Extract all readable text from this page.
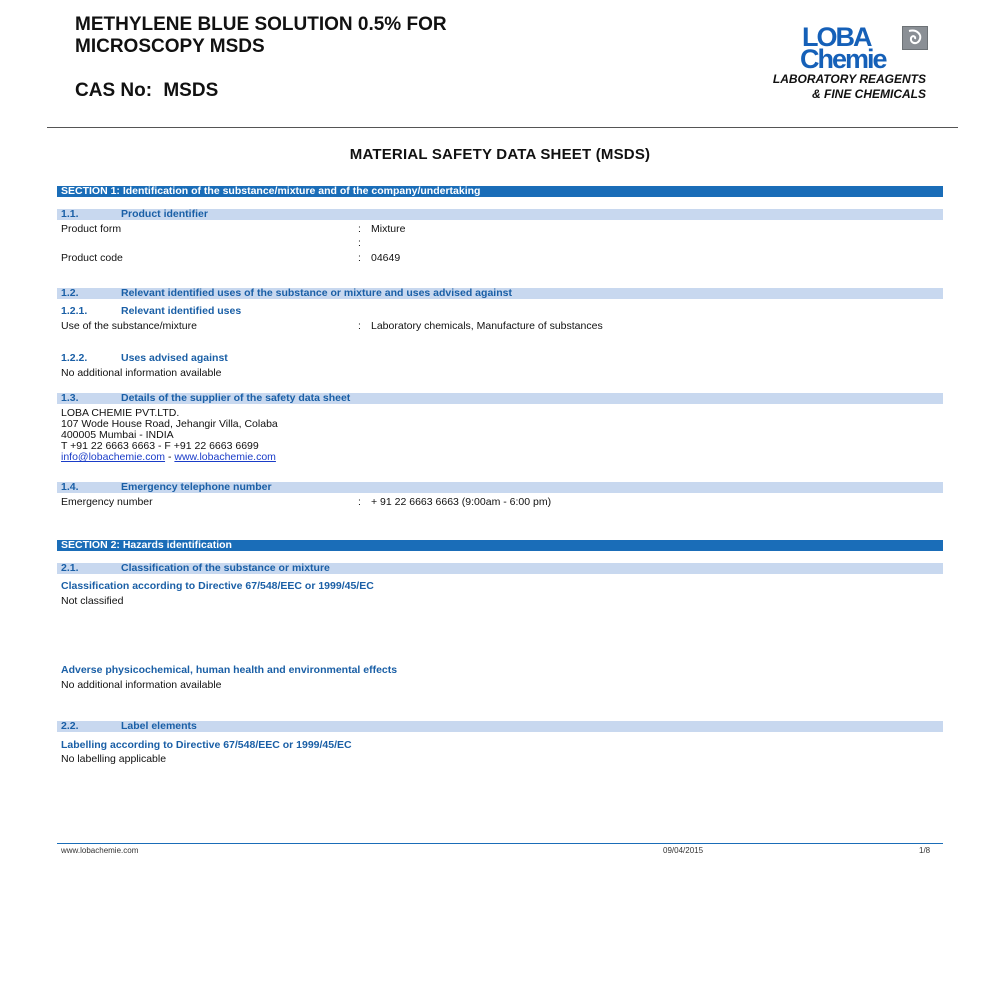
METHYLENE BLUE SOLUTION 0.5% FOR
MICROSCOPY MSDS
CAS No: MSDS
LOBA
Chemie
LABORATORY REAGENTS
& FINE CHEMICALS
MATERIAL SAFETY DATA SHEET (MSDS)
SECTION 1: Identification of the substance/mixture and of the company/undertaking
1.1.	Product identifier
Product form	: Mixture
:
Product code	: 04649
1.2.	Relevant identified uses of the substance or mixture and uses advised against
1.2.1.	Relevant identified uses
Use of the substance/mixture	: Laboratory chemicals, Manufacture of substances
1.2.2.	Uses advised against
No additional information available
1.3.	Details of the supplier of the safety data sheet
LOBA CHEMIE PVT.LTD.
107 Wode House Road, Jehangir Villa, Colaba
400005 Mumbai - INDIA
T +91 22 6663 6663 - F +91 22 6663 6699
info@lobachemie.com - www.lobachemie.com
1.4.	Emergency telephone number
Emergency number	: + 91 22 6663 6663 (9:00am - 6:00 pm)
SECTION 2: Hazards identification
2.1.	Classification of the substance or mixture
Classification according to Directive 67/548/EEC or 1999/45/EC
Not classified
Adverse physicochemical, human health and environmental effects
No additional information available
2.2.	Label elements
Labelling according to Directive 67/548/EEC or 1999/45/EC
No labelling applicable
www.lobachemie.com	09/04/2015	1/8
